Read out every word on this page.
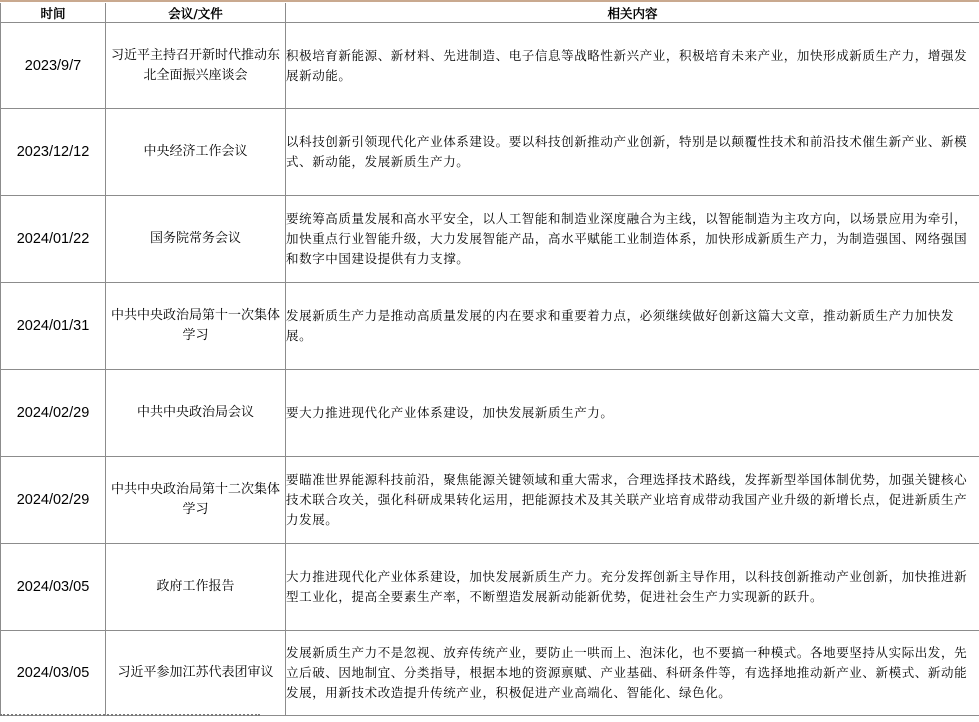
时间	会议/文件	相关内容
2023/9/7	习近平主持召开新时代推动东北全面振兴座谈会	积极培育新能源、新材料、先进制造、电子信息等战略性新兴产业，积极培育未来产业，加快形成新质生产力，增强发展新动能。
2023/12/12	中央经济工作会议	以科技创新引领现代化产业体系建设。要以科技创新推动产业创新，特别是以颠覆性技术和前沿技术催生新产业、新模式、新动能，发展新质生产力。
2024/01/22	国务院常务会议	要统筹高质量发展和高水平安全，以人工智能和制造业深度融合为主线，以智能制造为主攻方向，以场景应用为牵引，加快重点行业智能升级，大力发展智能产品，高水平赋能工业制造体系，加快形成新质生产力，为制造强国、网络强国和数字中国建设提供有力支撑。
2024/01/31	中共中央政治局第十一次集体学习	发展新质生产力是推动高质量发展的内在要求和重要着力点，必须继续做好创新这篇大文章，推动新质生产力加快发展。
2024/02/29	中共中央政治局会议	要大力推进现代化产业体系建设，加快发展新质生产力。
2024/02/29	中共中央政治局第十二次集体学习	要瞄准世界能源科技前沿，聚焦能源关键领域和重大需求，合理选择技术路线，发挥新型举国体制优势，加强关键核心技术联合攻关，强化科研成果转化运用，把能源技术及其关联产业培育成带动我国产业升级的新增长点，促进新质生产力发展。
2024/03/05	政府工作报告	大力推进现代化产业体系建设，加快发展新质生产力。充分发挥创新主导作用，以科技创新推动产业创新，加快推进新型工业化，提高全要素生产率，不断塑造发展新动能新优势，促进社会生产力实现新的跃升。
2024/03/05	习近平参加江苏代表团审议	发展新质生产力不是忽视、放弃传统产业，要防止一哄而上、泡沫化，也不要搞一种模式。各地要坚持从实际出发，先立后破、因地制宜、分类指导，根据本地的资源禀赋、产业基础、科研条件等，有选择地推动新产业、新模式、新动能发展，用新技术改造提升传统产业，积极促进产业高端化、智能化、绿色化。
